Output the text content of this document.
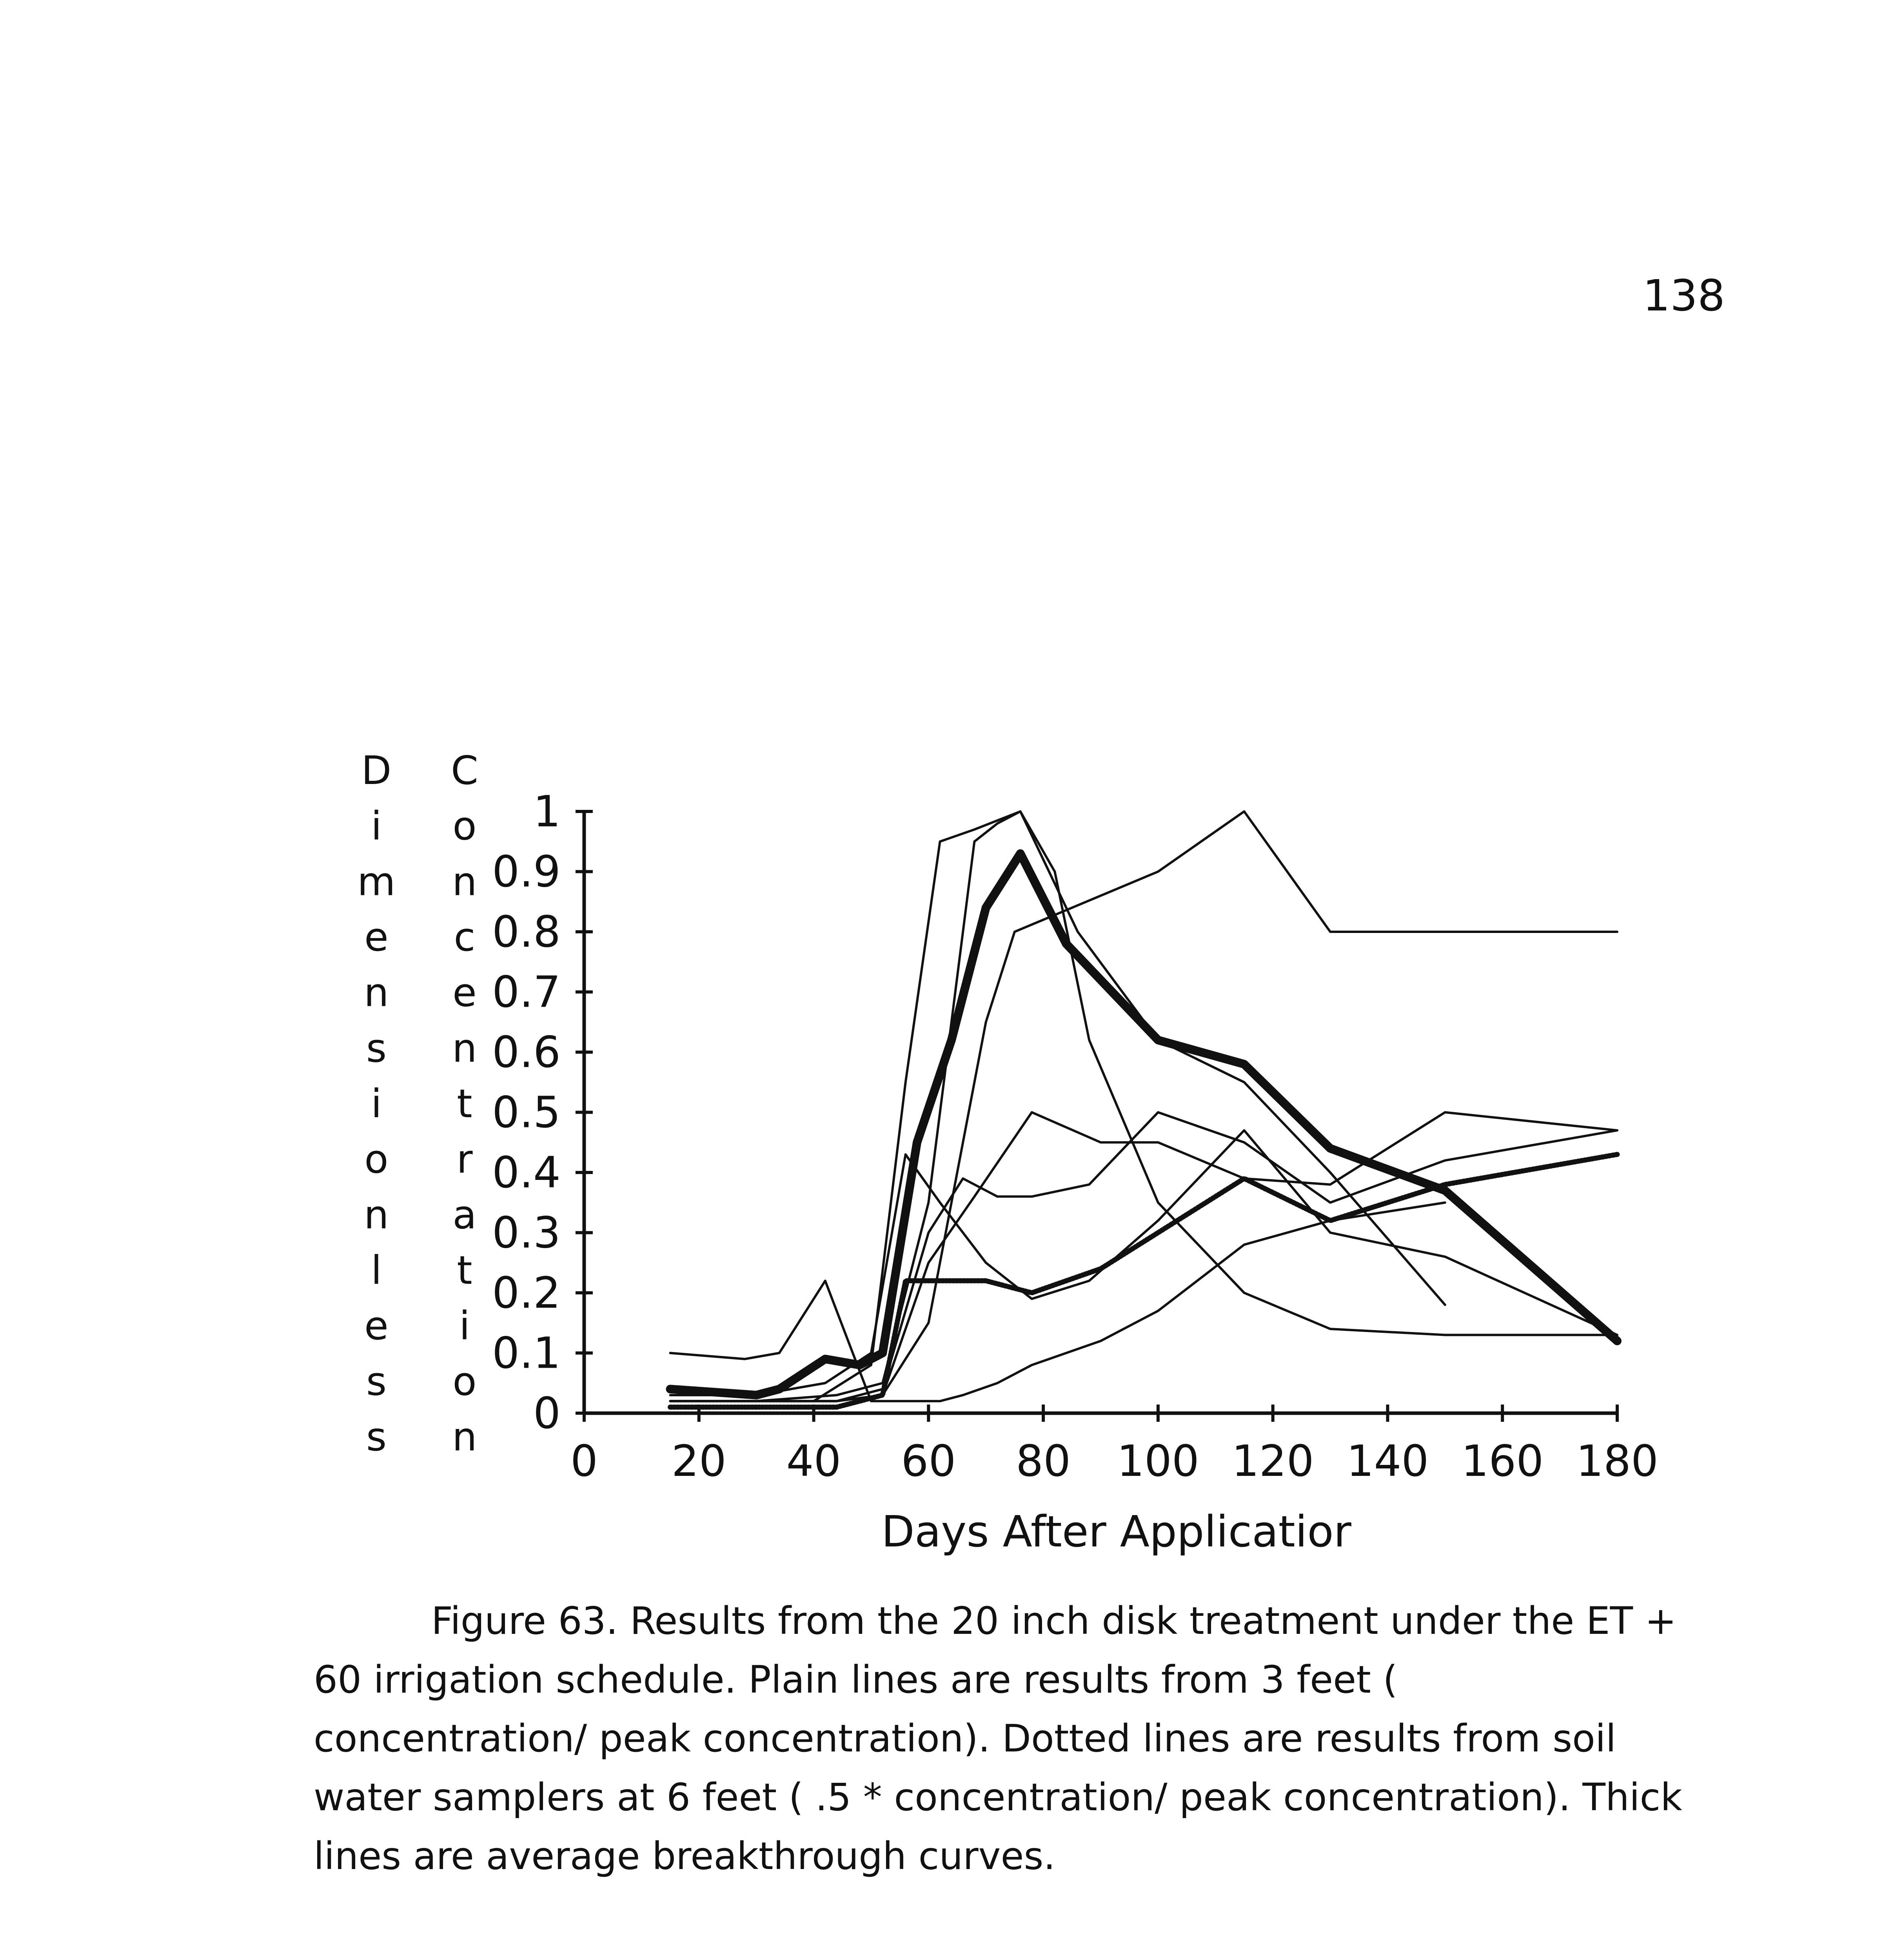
138
D
i
m
e
n
s
i
o
n
l
e
s
s
C
o
n
c
e
n
t
r
a
t
i
o
n 0
0.1
0.2
0.3
0.4
0.5
0.6
0.7
0.8
0.9
1
0 20 40 60 80 100 120 140 160 180
Days After Applicatior
Figure 63. Results from the 20 inch disk treatment under the ET +
60 irrigation schedule. Plain lines are results from 3 feet (
concentration/ peak concentration). Dotted lines are results from soil
water samplers at 6 feet ( .5 * concentration/ peak concentration). Thick
lines are average breakthrough curves.
